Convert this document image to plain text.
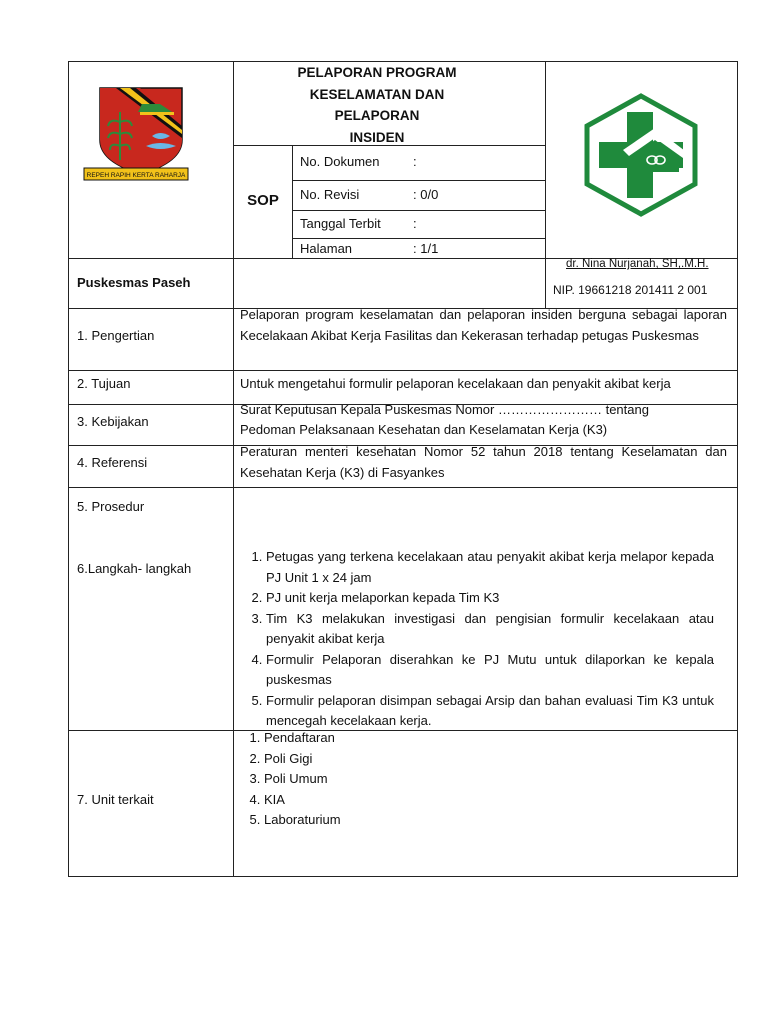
REPEH RAPIH KERTA RAHARJA
PELAPORAN PROGRAM
KESELAMATAN DAN
PELAPORAN
INSIDEN
SOP
No. Dokumen	:
No. Revisi	: 0/0
Tanggal Terbit :
Halaman	: 1/1
Puskesmas Paseh
dr. Nina Nurjanah, SH,.M.H.
NIP. 19661218 201411 2 001
1. Pengertian
Pelaporan program keselamatan dan pelaporan insiden berguna sebagai laporan Kecelakaan Akibat Kerja Fasilitas dan Kekerasan terhadap petugas Puskesmas
2. Tujuan	Untuk mengetahui formulir pelaporan kecelakaan dan penyakit akibat kerja
3. Kebijakan
Surat Keputusan Kepala Puskesmas Nomor …………………… tentang Pedoman Pelaksanaan Kesehatan dan Keselamatan Kerja (K3)
4. Referensi
Peraturan menteri kesehatan Nomor 52 tahun 2018 tentang Keselamatan dan Kesehatan Kerja (K3) di Fasyankes
5. Prosedur
6.Langkah- langkah
1. Petugas yang terkena kecelakaan atau penyakit akibat kerja melapor kepada PJ Unit 1 x 24 jam
2. PJ unit kerja melaporkan kepada Tim K3
3. Tim K3 melakukan investigasi dan pengisian formulir kecelakaan atau penyakit akibat kerja
4. Formulir Pelaporan diserahkan ke PJ Mutu untuk dilaporkan ke kepala puskesmas
5. Formulir pelaporan disimpan sebagai Arsip dan bahan evaluasi Tim K3 untuk mencegah kecelakaan kerja.
7. Unit terkait
1. Pendaftaran
2. Poli Gigi
3. Poli Umum
4. KIA
5. Laboraturium
